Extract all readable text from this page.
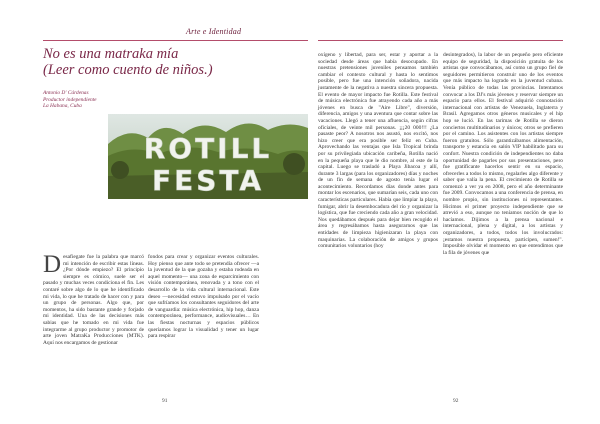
Arte e Identidad
No es una matraka mía
(Leer como cuento de niños.)
Antonio D' Cárdenas
Productor independiente
La Habana, Cuba
ROTILL
FESTA
Desafiegate fue la palabra que marcó mi intención de escribir estas líneas. ¿Por dónde empiezo? El principio siempre es cómico, suele ser el pasado y muchas veces condiciona el fin. Les contaré sobre algo de lo que he identificado mi vida, lo que he tratado de hacer con y para un grupo de personas. Algo que, por momentos, ha sido bastante grande y forjado mi identidad. Una de las decisiones más sabias que he tomado en mi vida fue integrarme al grupo productor y promotor de arte joven MatraKa Producciones (MTK). Aquí nos encargamos de gestionar
fondos para crear y organizar eventos culturales. Hoy pienso que ante todo se pretendía ofrecer —a la juventud de la que gozaba y estaba rodeada en aquel momento— una zona de esparcimiento con visión contemporánea, renovada y a tono con el desarrollo de la vida cultural internacional. Este deseo —necesidad estuvo impulsado por el vacío que sufríamos los consultantes seguidores del arte de vanguardia: música electrónica, hip hop, danza contemporánea, performance, audiovisuales… En las fiestas nocturnas y espacios públicos queríamos lograr la visualidad y tener un lugar para respirar
oxígeno y libertad, para ser, estar y aportar a la sociedad desde áreas que había desocupado. En nuestras pretensiones juveniles pensamos también cambiar el contexto cultural y hasta lo sentimos posible, pero fue una intención soñadora, nacida justamente de la negativa a nuestra sincera propuesta. El evento de mayor impacto fue Rotilla. Este festival de música electrónica fue atrayendo cada año a más jóvenes en busca de "Aire Libre", diversión, diferencia, amigos y una aventura que contar sobre las vacaciones. Llegó a tener una afluencia, según cifras oficiales, de veinte mil personas. ¡¡¡20 000!!! ¿La pasaste peor? A nosotros nos asustó, nos excitó, nos hizo creer que era posible ser feliz en Cuba. Aprovechando las ventajas que Isla Tropical brinda por su privilegiada ubicación caribeña, Rotilla nació en la pequeña playa que le dio nombre, al este de la capital. Luego se trasladó a Playa Jibacoa y allí, durante 3 largas (para los organizadores) días y noches de un fin de semana de agosto tenía lugar el acontecimiento. Recordamos días donde antes para montar los escenarios, que sumarían seis, cada uno con características particulares. Había que limpiar la playa, fumigar, abrir la desembocadura del río y organizar la logística, que fue creciendo cada año a gran velocidad. Nos quedábamos después para dejar bien recogido el área y regresábamos hasta asegurarnos que las entidades de limpieza higienizaran la playa con maquinarias. La colaboración de amigos y grupos comunitarios voluntarios (hoy
desintegrados), la labor de un pequeño pero eficiente equipo de seguridad, la disposición gratuita de los artistas que convocábamos, así como un grupo fiel de seguidores permitieron construir uno de los eventos que más impacto ha logrado en la juventud cubana. Venía público de todas las provincias. Intentamos convocar a los DJ's más jóvenes y reservar siempre un espacio para ellos. El festival adquirió connotación internacional con artistas de Venezuela, Inglaterra y Brasil. Agregamos otros géneros musicales y el hip hop se lució. En las tarimas de Rotilla se dieron conciertos multitudinarios y únicos; otros se prefieren por el camino. Los asistentes con los artistas siempre fueron gratuitos. Sólo garantizábamos alimentación, transporte y estancia en salón VIP habilitado para su confort. Nuestra condición de independientes no daba oportunidad de pagarles por sus presentaciones, pero fue gratificante hacerlos sentir en su espacio, ofrecerles a todos lo mismo, regalarles algo diferente y saber que valía la pena. El crecimiento de Rotilla se comenzó a ver ya en 2008, pero el año determinante fue 2009. Convocamos a una conferencia de prensa, en nombre propio, sin instituciones ni representantes. Hicimos el primer proyecto independiente que se atrevió a eso, aunque no teníamos noción de que lo hacíamos. Dijimos a la prensa nacional e internacional, plena y digital, a los artistas y organizadores, a todos, todos los involucrados: ¡estamos nuestra propuesta, participen, sumen!". Imposible olvidar el momento en que entendimos que la fila de jóvenes que
91	92
